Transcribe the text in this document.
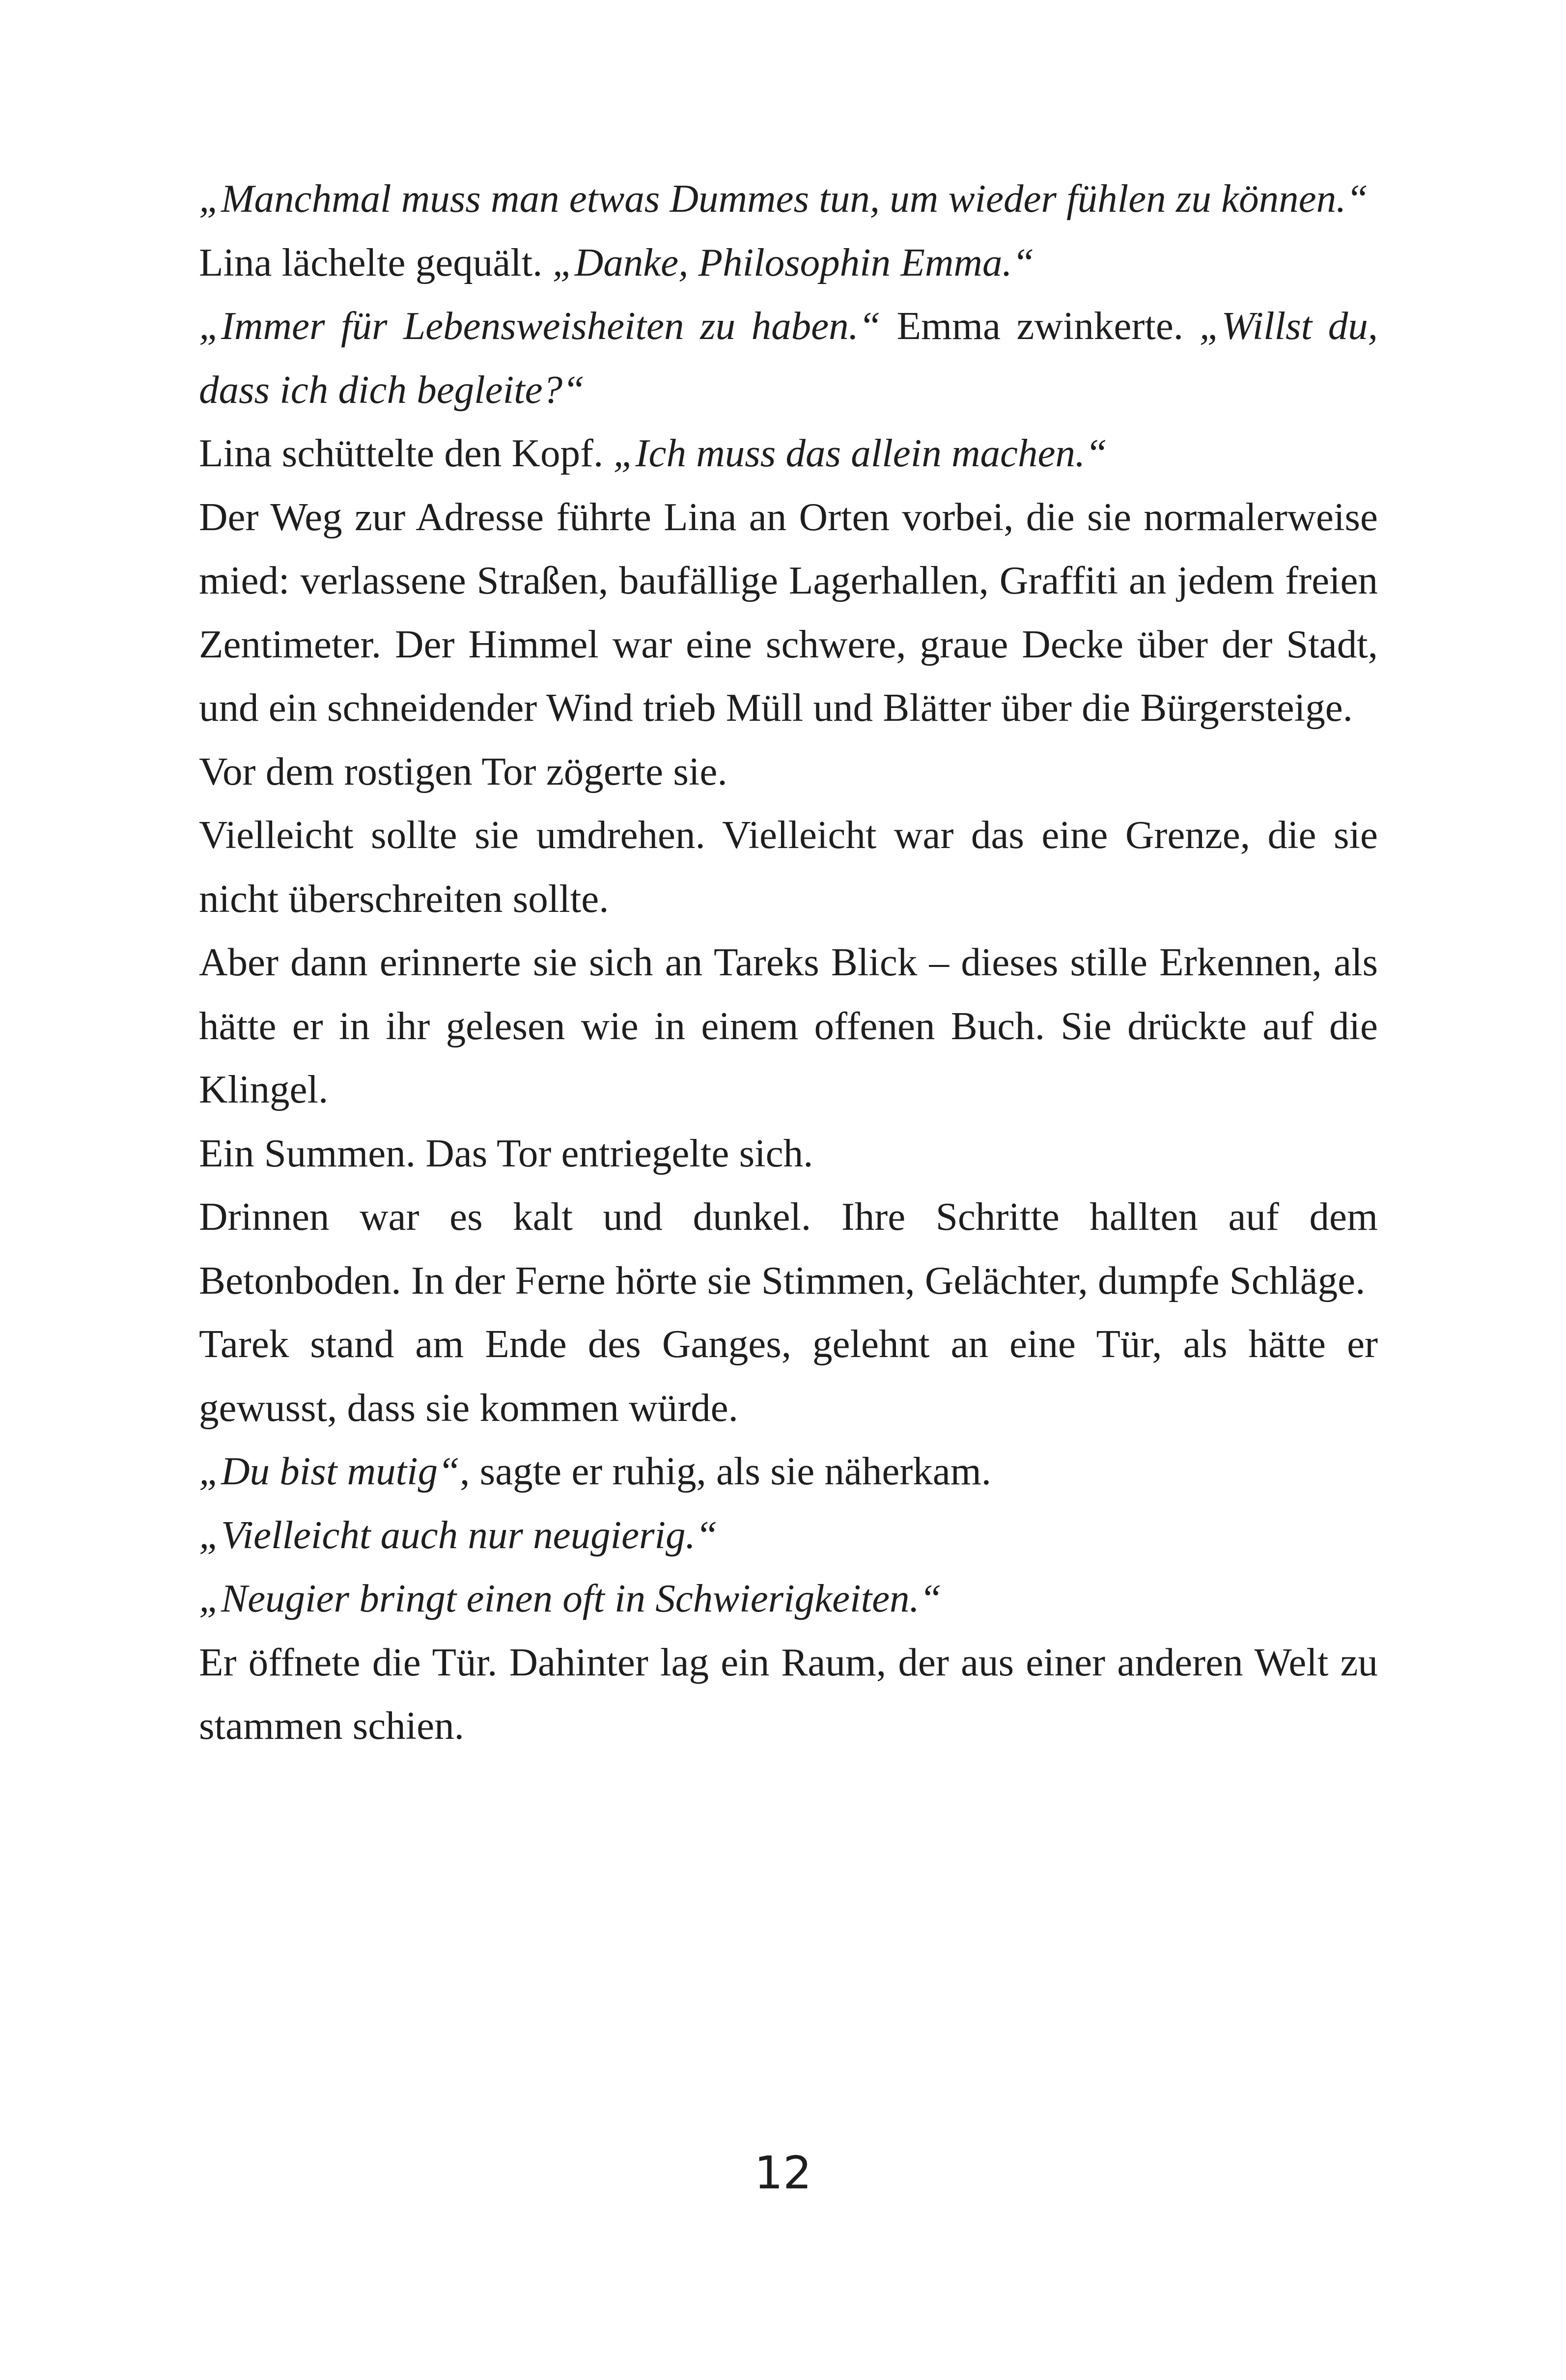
„Manchmal muss man etwas Dummes tun, um wieder fühlen zu können.“

Lina lächelte gequält. „Danke, Philosophin Emma.“

„Immer für Lebensweisheiten zu haben.“ Emma zwinkerte. „Willst du, dass ich dich begleite?“

Lina schüttelte den Kopf. „Ich muss das allein machen.“

Der Weg zur Adresse führte Lina an Orten vorbei, die sie normalerweise mied: verlassene Straßen, baufällige Lagerhallen, Graffiti an jedem freien Zentimeter. Der Himmel war eine schwere, graue Decke über der Stadt, und ein schneidender Wind trieb Müll und Blätter über die Bürgersteige.

Vor dem rostigen Tor zögerte sie.

Vielleicht sollte sie umdrehen. Vielleicht war das eine Grenze, die sie nicht überschreiten sollte.

Aber dann erinnerte sie sich an Tareks Blick – dieses stille Erkennen, als hätte er in ihr gelesen wie in einem offenen Buch. Sie drückte auf die Klingel.

Ein Summen. Das Tor entriegelte sich.

Drinnen war es kalt und dunkel. Ihre Schritte hallten auf dem Betonboden. In der Ferne hörte sie Stimmen, Gelächter, dumpfe Schläge.

Tarek stand am Ende des Ganges, gelehnt an eine Tür, als hätte er gewusst, dass sie kommen würde.

„Du bist mutig“, sagte er ruhig, als sie näherkam.

„Vielleicht auch nur neugierig.“

„Neugier bringt einen oft in Schwierigkeiten.“

Er öffnete die Tür. Dahinter lag ein Raum, der aus einer anderen Welt zu stammen schien.

12
